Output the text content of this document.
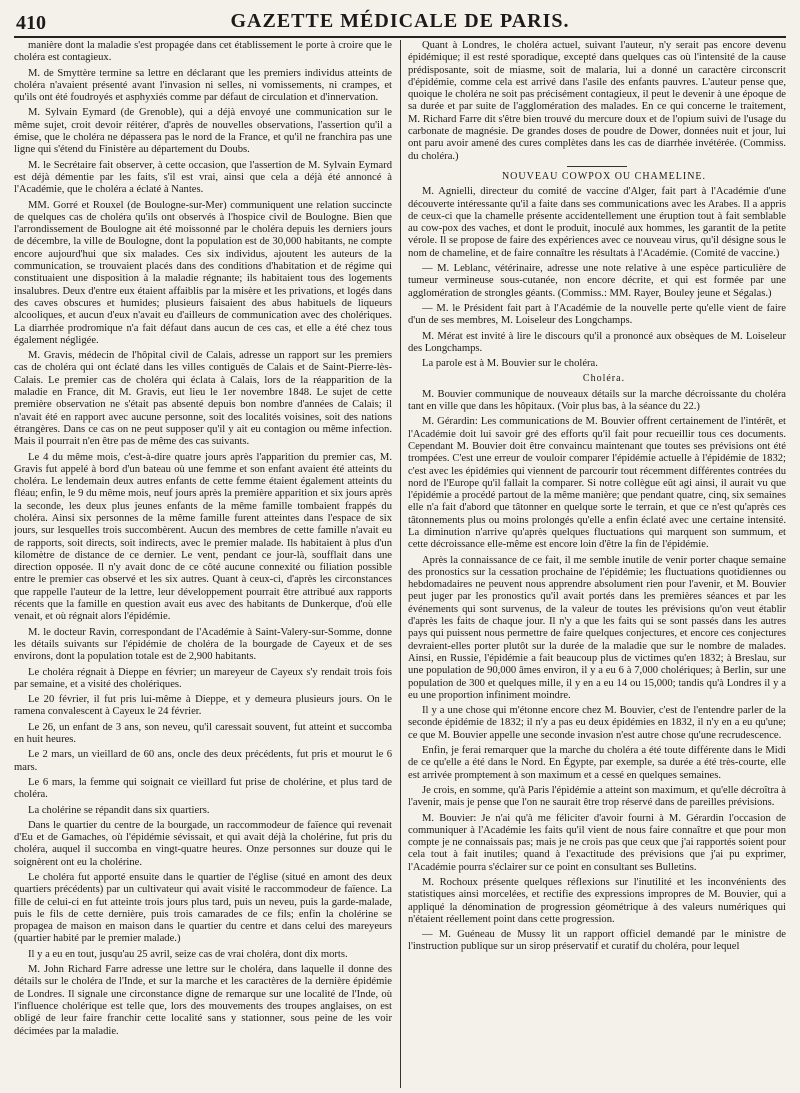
410	GAZETTE MÉDICALE DE PARIS.

manière dont la maladie s'est propagée dans cet établissement le porte à croire que le choléra est contagieux.

M. de Smyttère termine sa lettre en déclarant que les premiers individus atteints de choléra n'avaient présenté avant l'invasion ni selles, ni vomissements, ni crampes, et qu'ils ont été foudroyés et asphyxiés comme par défaut de circulation et d'innervation.

M. Sylvain Eymard (de Grenoble), qui a déjà envoyé une communication sur le même sujet, croit devoir réitérer, d'après de nouvelles observations, l'assertion qu'il a émise, que le choléra ne dépassera pas le nord de la France, et qu'il ne franchira pas une ligne qui s'étend du Finistère au département du Doubs.

M. le Secrétaire fait observer, à cette occasion, que l'assertion de M. Sylvain Eymard est déjà démentie par les faits, s'il est vrai, ainsi que cela a déjà été annoncé à l'Académie, que le choléra a éclaté à Nantes.

MM. Gorré et Rouxel (de Boulogne-sur-Mer) communiquent une relation succincte de quelques cas de choléra qu'ils ont observés à l'hospice civil de Boulogne. Bien que l'arrondissement de Boulogne ait été moissonné par le choléra depuis les derniers jours de décembre, la ville de Boulogne, dont la population est de 30,000 habitants, ne compte encore aujourd'hui que six malades. Ces six individus, ajoutent les auteurs de la communication, se trouvaient placés dans des conditions d'habitation et de régime qui constituaient une disposition à la maladie régnante; ils habitaient tous des logements insalubres. Deux d'entre eux étaient affaiblis par la misère et les privations, et logés dans des caves obscures et humides; plusieurs faisaient des abus habituels de liqueurs alcooliques, et aucun d'eux n'avait eu d'ailleurs de communication avec des cholériques. La diarrhée prodromique n'a fait défaut dans aucun de ces cas, et elle a été chez tous également négligée.

M. Gravis, médecin de l'hôpital civil de Calais, adresse un rapport sur les premiers cas de choléra qui ont éclaté dans les villes contiguës de Calais et de Saint-Pierre-lès-Calais. Le premier cas de choléra qui éclata à Calais, lors de la réapparition de la maladie en France, dit M. Gravis, eut lieu le 1er novembre 1848. Le sujet de cette première observation ne s'était pas absenté depuis bon nombre d'années de Calais; il n'avait été en rapport avec aucune personne, soit des localités voisines, soit des nations étrangères. Dans ce cas on ne peut supposer qu'il y ait eu contagion ou même infection. Mais il pourrait n'en être pas de même des cas suivants.

Le 4 du même mois, c'est-à-dire quatre jours après l'apparition du premier cas, M. Gravis fut appelé à bord d'un bateau où une femme et son enfant avaient été atteints du choléra. Le lendemain deux autres enfants de cette femme étaient également atteints du fléau; enfin, le 9 du même mois, neuf jours après la première apparition et six jours après la seconde, les deux plus jeunes enfants de la même famille tombaient frappés du choléra. Ainsi six personnes de la même famille furent atteintes dans l'espace de six jours, sur lesquelles trois succombèrent. Aucun des membres de cette famille n'avait eu de rapports, soit directs, soit indirects, avec le premier malade. Ils habitaient à plus d'un kilomètre de distance de ce dernier. Le vent, pendant ce jour-là, soufflait dans une direction opposée. Il n'y avait donc de ce côté aucune connexité ou filiation possible entre le premier cas observé et les six autres. Quant à ceux-ci, d'après les circonstances que rappelle l'auteur de la lettre, leur développement pourrait être attribué aux rapports récents que la famille en question avait eus avec des habitants de Dunkerque, d'où elle venait, et où régnait alors l'épidémie.

M. le docteur Ravin, correspondant de l'Académie à Saint-Valery-sur-Somme, donne les détails suivants sur l'épidémie de choléra de la bourgade de Cayeux et de ses environs, dont la population totale est de 2,900 habitants.

Le choléra régnait à Dieppe en février; un mareyeur de Cayeux s'y rendait trois fois par semaine, et a visité des cholériques.

Le 20 février, il fut pris lui-même à Dieppe, et y demeura plusieurs jours. On le ramena convalescent à Cayeux le 24 février.

Le 26, un enfant de 3 ans, son neveu, qu'il caressait souvent, fut atteint et succomba en huit heures.

Le 2 mars, un vieillard de 60 ans, oncle des deux précédents, fut pris et mourut le 6 mars.

Le 6 mars, la femme qui soignait ce vieillard fut prise de cholérine, et plus tard de choléra.

La cholérine se répandit dans six quartiers.

Dans le quartier du centre de la bourgade, un raccommodeur de faïence qui revenait d'Eu et de Gamaches, où l'épidémie sévissait, et qui avait déjà la cholérine, fut pris du choléra, auquel il succomba en vingt-quatre heures. Onze personnes sur douze qui le soignèrent ont eu la cholérine.

Le choléra fut apporté ensuite dans le quartier de l'église (situé en amont des deux quartiers précédents) par un cultivateur qui avait visité le raccommodeur de faïence. La fille de celui-ci en fut atteinte trois jours plus tard, puis un neveu, puis la garde-malade, puis le fils de cette dernière, puis trois camarades de ce fils; enfin la cholérine se propagea de maison en maison dans le quartier du centre et dans celui des mareyeurs (quartier habité par le premier malade.)

Il y a eu en tout, jusqu'au 25 avril, seize cas de vrai choléra, dont dix morts.

M. John Richard Farre adresse une lettre sur le choléra, dans laquelle il donne des détails sur le choléra de l'Inde, et sur la marche et les caractères de la dernière épidémie de Londres. Il signale une circonstance digne de remarque sur une localité de l'Inde, où l'influence cholérique est telle que, lors des mouvements des troupes anglaises, on est obligé de leur faire franchir cette localité sans y stationner, sous peine de les voir décimées par la maladie.

Quant à Londres, le choléra actuel, suivant l'auteur, n'y serait pas encore devenu épidémique; il est resté sporadique, excepté dans quelques cas où l'intensité de la cause prédisposante, soit de miasme, soit de malaria, lui a donné un caractère circonscrit d'épidémie, comme cela est arrivé dans l'asile des enfants pauvres. L'auteur pense que, quoique le choléra ne soit pas précisément contagieux, il peut le devenir à une époque de sa durée et par suite de l'agglomération des malades. En ce qui concerne le traitement, M. Richard Farre dit s'être bien trouvé du mercure doux et de l'opium suivi de l'usage du carbonate de magnésie. De grandes doses de poudre de Dower, données nuit et jour, lui ont paru avoir amené des cures complètes dans les cas de diarrhée invétérée. (Commiss. du choléra.)

NOUVEAU COWPOX OU CHAMELINE.

M. Agnielli, directeur du comité de vaccine d'Alger, fait part à l'Académie d'une découverte intéressante qu'il a faite dans ses communications avec les Arabes. Il a appris de ceux-ci que la chamelle présente accidentellement une éruption tout à fait semblable au cow-pox des vaches, et dont le produit, inoculé aux hommes, les garantit de la petite vérole. Il se propose de faire des expériences avec ce nouveau virus, qu'il désigne sous le nom de chameline, et de faire connaître les résultats à l'Académie. (Comité de vaccine.)

— M. Leblanc, vétérinaire, adresse une note relative à une espèce particulière de tumeur vermineuse sous-cutanée, non encore décrite, et qui est formée par une agglomération de strongles géants. (Commiss.: MM. Rayer, Bouley jeune et Ségalas.)

— M. le Président fait part à l'Académie de la nouvelle perte qu'elle vient de faire d'un de ses membres, M. Loiseleur des Longchamps.

M. Mérat est invité à lire le discours qu'il a prononcé aux obsèques de M. Loiseleur des Longchamps.

La parole est à M. Bouvier sur le choléra.

Choléra.

M. Bouvier communique de nouveaux détails sur la marche décroissante du choléra tant en ville que dans les hôpitaux. (Voir plus bas, à la séance du 22.)

M. Gérardin: Les communications de M. Bouvier offrent certainement de l'intérêt, et l'Académie doit lui savoir gré des efforts qu'il fait pour recueillir tous ces documents. Cependant M. Bouvier doit être convaincu maintenant que toutes ses prévisions ont été trompées. C'est une erreur de vouloir comparer l'épidémie actuelle à l'épidémie de 1832; c'est avec les épidémies qui viennent de parcourir tout récemment différentes contrées du nord de l'Europe qu'il fallait la comparer. Si notre collègue eût agi ainsi, il aurait vu que l'épidémie a procédé partout de la même manière; que pendant quatre, cinq, six semaines elle n'a fait d'abord que tâtonner en quelque sorte le terrain, et que ce n'est qu'après ces tâtonnements plus ou moins prolongés qu'elle a enfin éclaté avec une certaine intensité. La diminution n'arrive qu'après quelques fluctuations qui marquent son summum, et cette décroissance elle-même est encore loin d'être la fin de l'épidémie.

Après la connaissance de ce fait, il me semble inutile de venir porter chaque semaine des pronostics sur la cessation prochaine de l'épidémie; les fluctuations quotidiennes ou hebdomadaires ne peuvent nous apprendre absolument rien pour l'avenir, et M. Bouvier peut juger par les pronostics qu'il avait portés dans les premières séances et par les événements qui sont survenus, de la valeur de toutes les prévisions qu'on veut établir d'après les faits de chaque jour. Il n'y a que les faits qui se sont passés dans les autres pays qui puissent nous permettre de faire quelques conjectures, et encore ces conjectures devraient-elles porter plutôt sur la durée de la maladie que sur le nombre de malades. Ainsi, en Russie, l'épidémie a fait beaucoup plus de victimes qu'en 1832; à Breslau, sur une population de 90,000 âmes environ, il y a eu 6 à 7,000 cholériques; à Berlin, sur une population de 300 et quelques mille, il y en a eu 14 ou 15,000; tandis qu'à Londres il y a eu une proportion infiniment moindre.

Il y a une chose qui m'étonne encore chez M. Bouvier, c'est de l'entendre parler de la seconde épidémie de 1832; il n'y a pas eu deux épidémies en 1832, il n'y en a eu qu'une; ce que M. Bouvier appelle une seconde invasion n'est autre chose qu'une recrudescence.

Enfin, je ferai remarquer que la marche du choléra a été toute différente dans le Midi de ce qu'elle a été dans le Nord. En Égypte, par exemple, sa durée a été très-courte, elle est arrivée promptement à son maximum et a cessé en quelques semaines.

Je crois, en somme, qu'à Paris l'épidémie a atteint son maximum, et qu'elle décroîtra à l'avenir, mais je pense que l'on ne saurait être trop réservé dans de pareilles prévisions.

M. Bouvier: Je n'ai qu'à me féliciter d'avoir fourni à M. Gérardin l'occasion de communiquer à l'Académie les faits qu'il vient de nous faire connaître et que pour mon compte je ne connaissais pas; mais je ne crois pas que ceux que j'ai rapportés soient pour cela tout à fait inutiles; quand à l'exactitude des prévisions que j'ai pu exprimer, l'Académie pourra s'éclairer sur ce point en consultant ses Bulletins.

M. Rochoux présente quelques réflexions sur l'inutilité et les inconvénients des statistiques ainsi morcelées, et rectifie des expressions impropres de M. Bouvier, qui a appliqué la dénomination de progression géométrique à des valeurs numériques qui n'étaient réellement point dans cette progression.

— M. Guéneau de Mussy lit un rapport officiel demandé par le ministre de l'instruction publique sur un sirop préservatif et curatif du choléra, pour lequel
